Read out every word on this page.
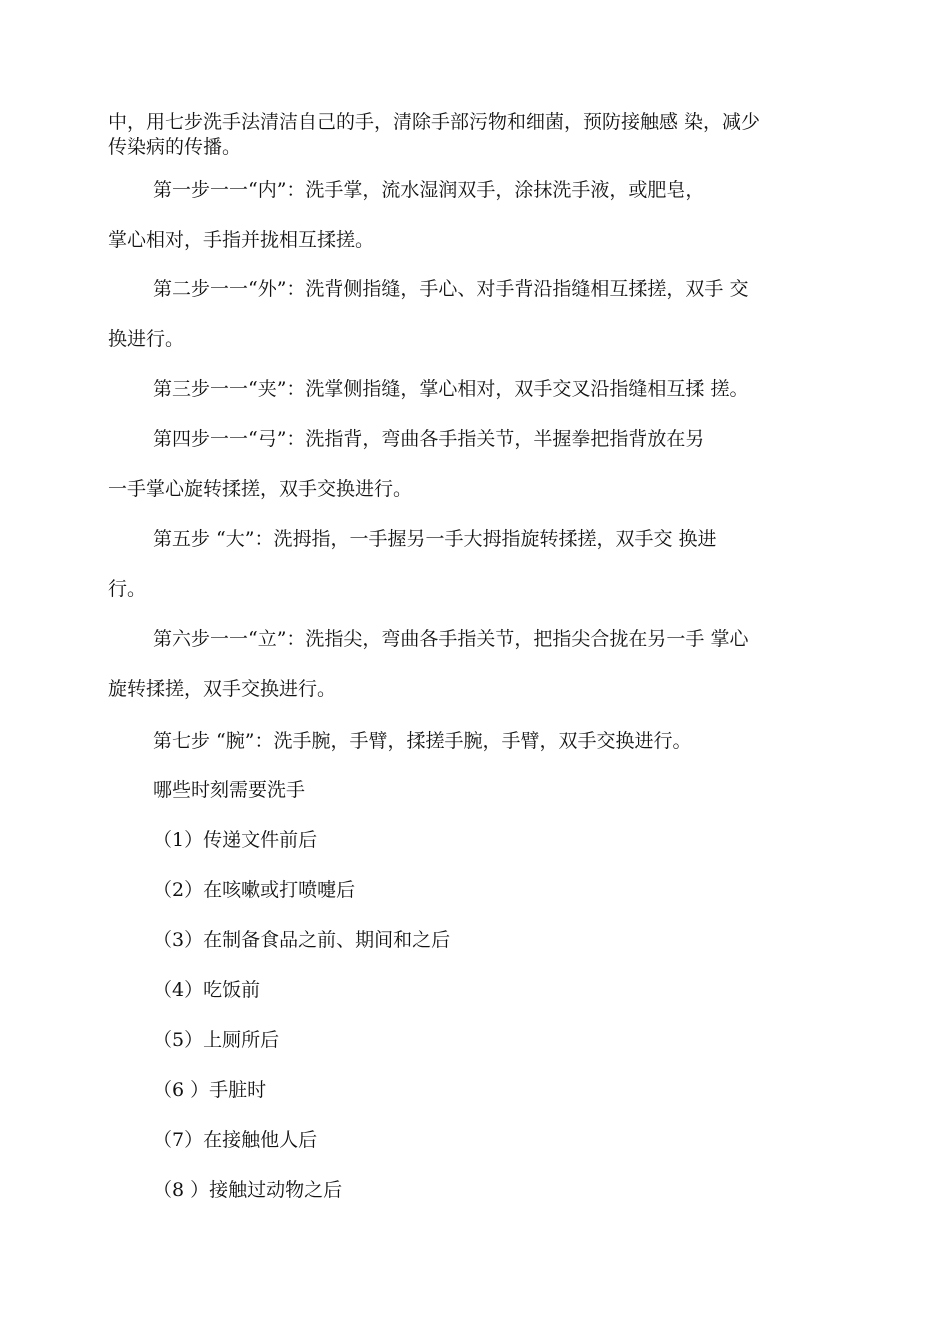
中，用七步洗手法清洁自己的手，清除手部污物和细菌，预防接触感 染，减少
传染病的传播。
第一步一一“内”：洗手掌，流水湿润双手，涂抹洗手液，或肥皂，
掌心相对，手指并拢相互揉搓。
第二步一一“外”：洗背侧指缝，手心、对手背沿指缝相互揉搓，双手 交
换进行。
第三步一一“夹”：洗掌侧指缝，掌心相对，双手交叉沿指缝相互揉 搓。
第四步一一“弓”：洗指背，弯曲各手指关节，半握拳把指背放在另
一手掌心旋转揉搓，双手交换进行。
第五步 “大”：洗拇指，一手握另一手大拇指旋转揉搓，双手交 换进
行。
第六步一一“立”：洗指尖，弯曲各手指关节，把指尖合拢在另一手 掌心
旋转揉搓，双手交换进行。
第七步 “腕”：洗手腕，手臂，揉搓手腕，手臂，双手交换进行。
哪些时刻需要洗手
（1）传递文件前后
（2）在咳嗽或打喷嚏后
（3）在制备食品之前、期间和之后
（4）吃饭前
（5）上厕所后
（6 ）手脏时
（7）在接触他人后
（8 ）接触过动物之后
